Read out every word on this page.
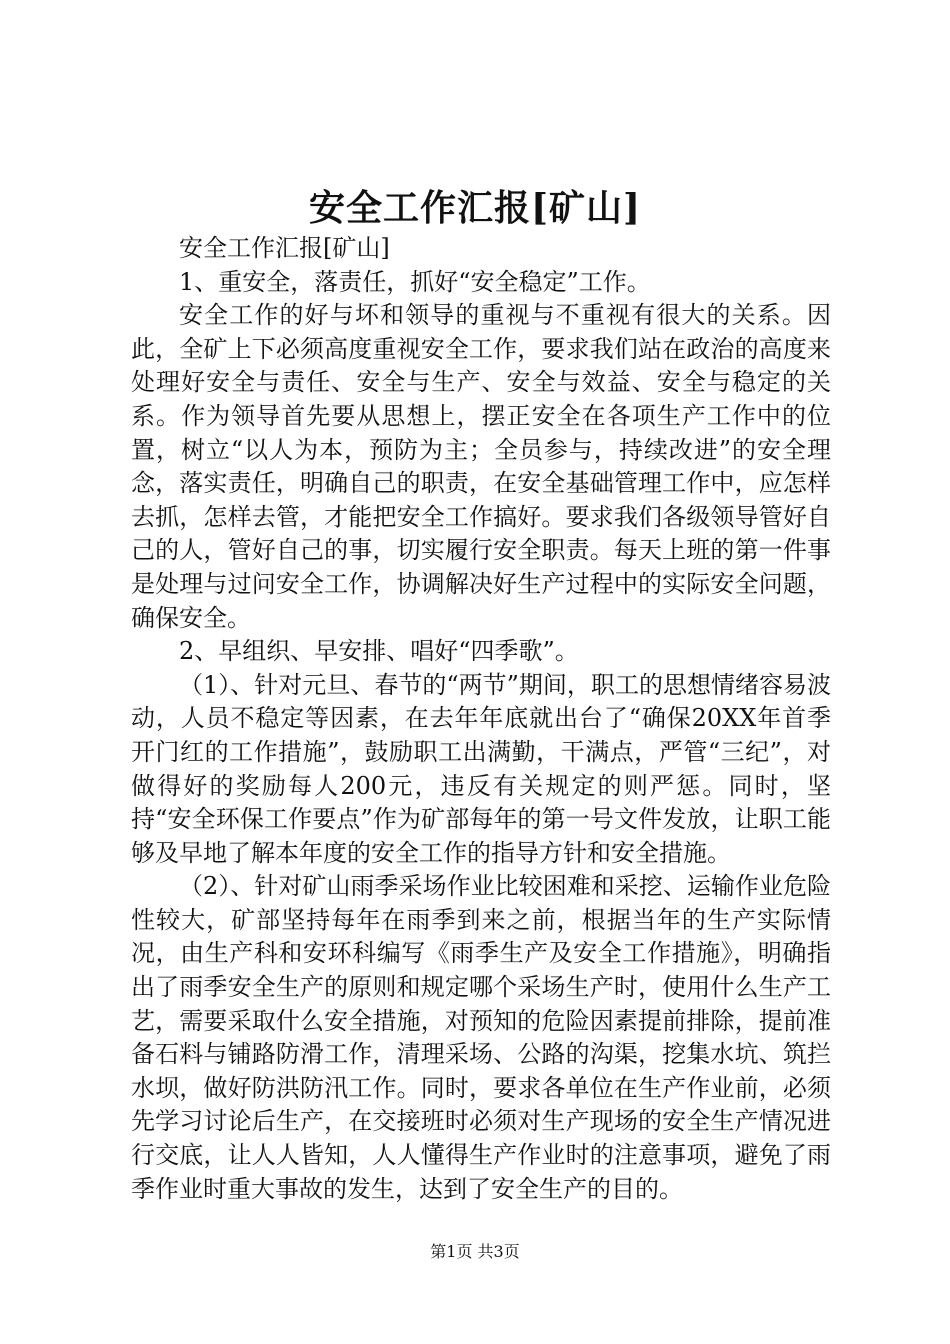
安全工作汇报[矿山]

安全工作汇报[矿山]

1、重安全，落责任，抓好“安全稳定”工作。

安全工作的好与坏和领导的重视与不重视有很大的关系。因此，全矿上下必须高度重视安全工作，要求我们站在政治的高度来处理好安全与责任、安全与生产、安全与效益、安全与稳定的关系。作为领导首先要从思想上，摆正安全在各项生产工作中的位置，树立“以人为本，预防为主；全员参与，持续改进”的安全理念，落实责任，明确自己的职责，在安全基础管理工作中，应怎样去抓，怎样去管，才能把安全工作搞好。要求我们各级领导管好自己的人，管好自己的事，切实履行安全职责。每天上班的第一件事是处理与过问安全工作，协调解决好生产过程中的实际安全问题，确保安全。

2、早组织、早安排、唱好“四季歌”。

（1）、针对元旦、春节的“两节”期间，职工的思想情绪容易波动，人员不稳定等因素，在去年年底就出台了“确保20XX年首季开门红的工作措施”，鼓励职工出满勤，干满点，严管“三纪”，对做得好的奖励每人200元，违反有关规定的则严惩。同时，坚持“安全环保工作要点”作为矿部每年的第一号文件发放，让职工能够及早地了解本年度的安全工作的指导方针和安全措施。

（2）、针对矿山雨季采场作业比较困难和采挖、运输作业危险性较大，矿部坚持每年在雨季到来之前，根据当年的生产实际情况，由生产科和安环科编写《雨季生产及安全工作措施》，明确指出了雨季安全生产的原则和规定哪个采场生产时，使用什么生产工艺，需要采取什么安全措施，对预知的危险因素提前排除，提前准备石料与铺路防滑工作，清理采场、公路的沟渠，挖集水坑、筑拦水坝，做好防洪防汛工作。同时，要求各单位在生产作业前，必须先学习讨论后生产，在交接班时必须对生产现场的安全生产情况进行交底，让人人皆知，人人懂得生产作业时的注意事项，避免了雨季作业时重大事故的发生，达到了安全生产的目的。

第1页 共3页
